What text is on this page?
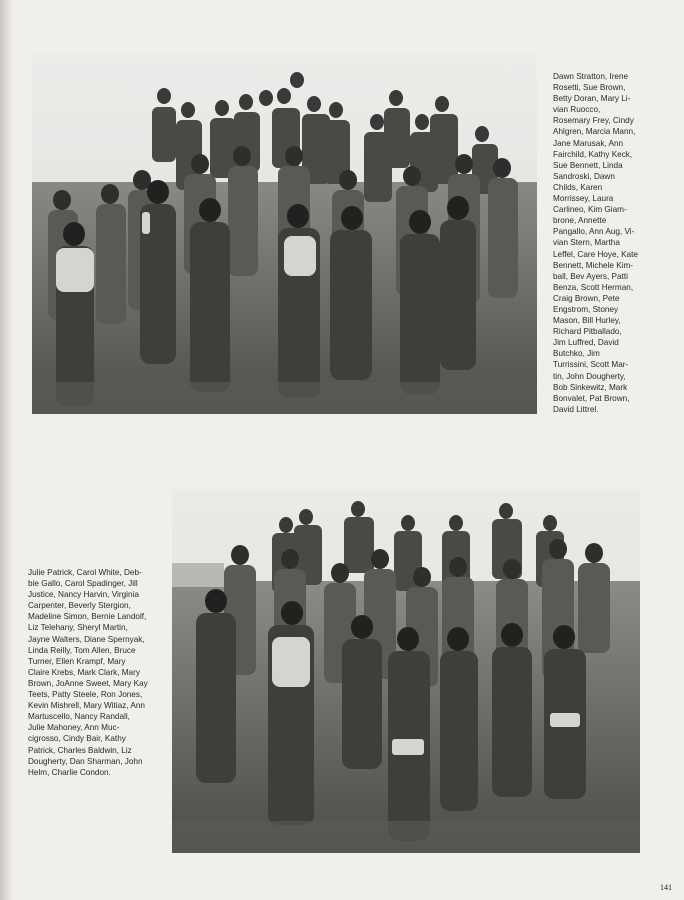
Dawn Stratton, Irene
Rosetti, Sue Brown,
Betty Doran, Mary Li-
vian Ruocco,
Rosemary Frey, Cindy
Ahlgren, Marcia Mann,
Jane Marusak, Ann
Fairchild, Kathy Keck,
Sue Bennett, Linda
Sandroski, Dawn
Childs, Karen
Morrissey, Laura
Carlineo, Kim Giam-
brone, Annette
Pangallo, Ann Aug, Vi-
vian Stern, Martha
Leffel, Care Hoye, Kate
Bennett, Michele Kim-
ball, Bev Ayers, Patti
Benza, Scott Herman,
Craig Brown, Pete
Engstrom, Stoney
Mason, Bill Hurley,
Richard Pitballado,
Jim Luffred, David
Butchko, Jim
Turrissini, Scott Mar-
tin, John Dougherty,
Bob Sinkewitz, Mark
Bonvalet, Pat Brown,
David Littrel.

Julie Patrick, Carol White, Deb-
bie Gallo, Carol Spadinger, Jill
Justice, Nancy Harvin, Virginia
Carpenter, Beverly Stergion,
Madeline Simon, Bernie Landolf,
Liz Telehany, Sheryl Martin,
Jayne Walters, Diane Spernyak,
Linda Reilly, Tom Allen, Bruce
Turner, Ellen Krampf, Mary
Claire Krebs, Mark Clark, Mary
Brown, JoAnne Sweet, Mary Kay
Teets, Patty Steele, Ron Jones,
Kevin Mishrell, Mary Witiaz, Ann
Martuscello, Nancy Randall,
Julie Mahoney, Ann Muc-
cigrosso, Cindy Bair, Kathy
Patrick, Charles Baldwin, Liz
Dougherty, Dan Sharman, John
Helm, Charlie Condon.

141
